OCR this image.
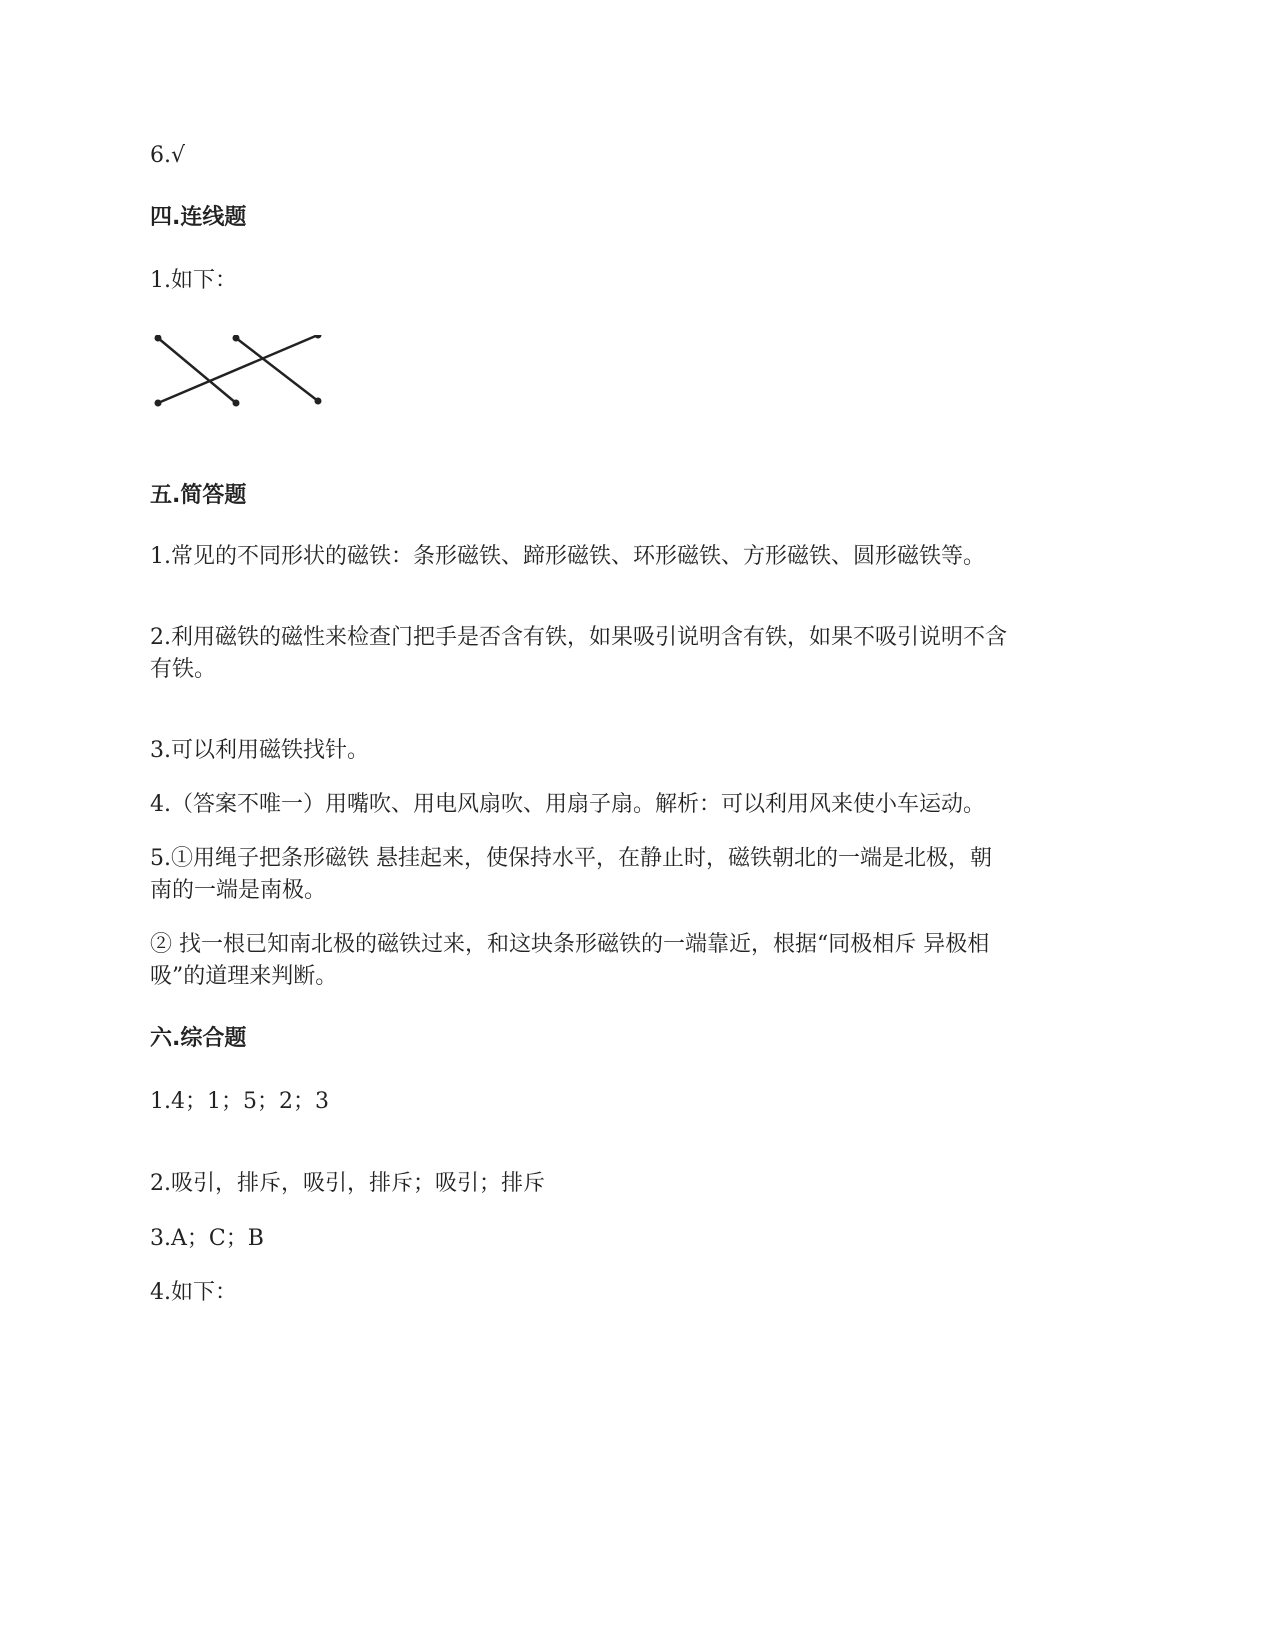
6.√
四.连线题
1.如下：
五.简答题
1.常见的不同形状的磁铁：条形磁铁、蹄形磁铁、环形磁铁、方形磁铁、圆形磁铁等。
2.利用磁铁的磁性来检查门把手是否含有铁，如果吸引说明含有铁，如果不吸引说明不含
有铁。
3.可以利用磁铁找针。
4.（答案不唯一）用嘴吹、用电风扇吹、用扇子扇。解析：可以利用风来使小车运动。
5.①用绳子把条形磁铁 悬挂起来，使保持水平，在静止时，磁铁朝北的一端是北极，朝
南的一端是南极。
② 找一根已知南北极的磁铁过来，和这块条形磁铁的一端靠近，根据“同极相斥 异极相
吸”的道理来判断。
六.综合题
1.4；1；5；2；3
2.吸引，排斥，吸引，排斥；吸引；排斥
3.A；C；B
4.如下：
